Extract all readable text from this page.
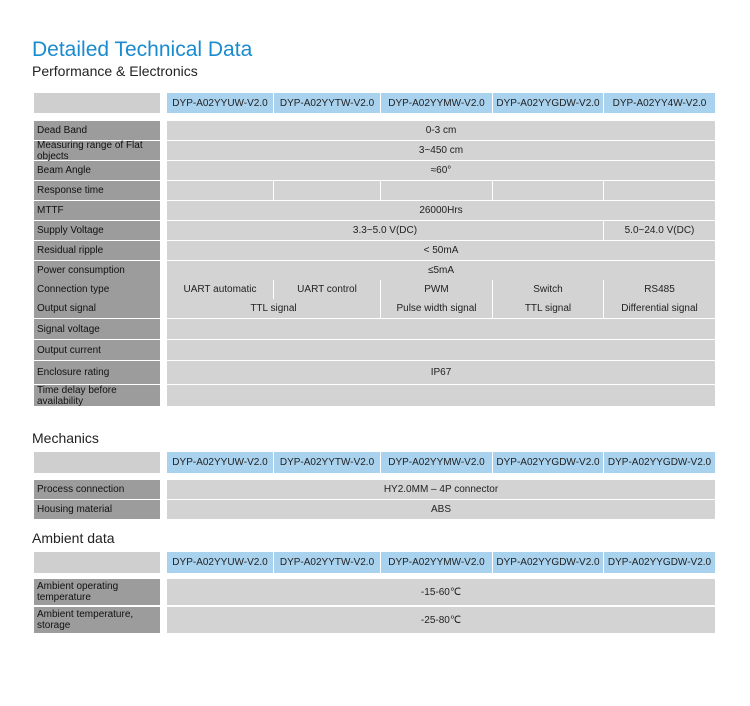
Detailed Technical Data
Performance & Electronics
DYP-A02YYUW-V2.0	DYP-A02YYTW-V2.0	DYP-A02YYMW-V2.0	DYP-A02YYGDW-V2.0	DYP-A02YY4W-V2.0
Dead Band	0-3 cm
Measuring range of Flat objects	3~450 cm
Beam Angle	≈60°
Response time
MTTF	26000Hrs
Supply Voltage	3.3~5.0 V(DC)	5.0~24.0 V(DC)
Residual ripple	< 50mA
Power consumption	≤5mA
Connection type	UART automatic	UART control	PWM	Switch	RS485
Output signal	TTL signal	Pulse width signal	TTL signal	Differential signal
Signal voltage
Output current
Enclosure rating	IP67
Time delay before availability
Mechanics
DYP-A02YYUW-V2.0	DYP-A02YYTW-V2.0	DYP-A02YYMW-V2.0	DYP-A02YYGDW-V2.0 DYP-A02YYGDW-V2.0
Process connection	HY2.0MM – 4P connector
Housing material	ABS
Ambient data
DYP-A02YYUW-V2.0	DYP-A02YYTW-V2.0	DYP-A02YYMW-V2.0	DYP-A02YYGDW-V2.0 DYP-A02YYGDW-V2.0
Ambient operating temperature	-15-60℃
Ambient temperature, storage	-25-80℃
